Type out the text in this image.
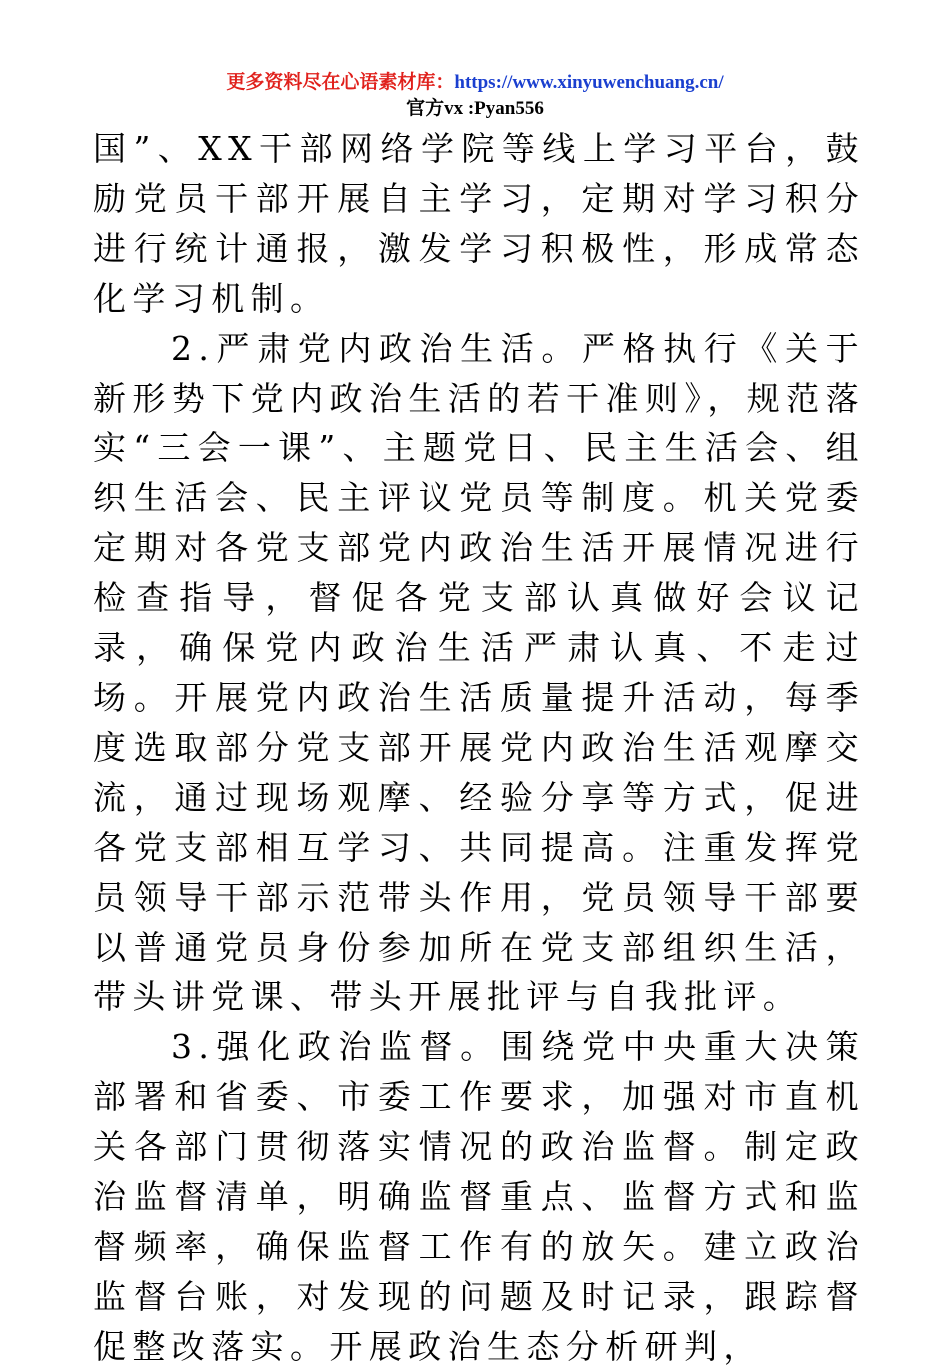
更多资料尽在心语素材库：https://www.xinyuwenchuang.cn/
官方vx :Pyan556

国”、XX干部网络学院等线上学习平台，鼓励党员干部开展自主学习，定期对学习积分进行统计通报，激发学习积极性，形成常态化学习机制。

2.严肃党内政治生活。严格执行《关于新形势下党内政治生活的若干准则》，规范落实“三会一课”、主题党日、民主生活会、组织生活会、民主评议党员等制度。机关党委定期对各党支部党内政治生活开展情况进行检查指导，督促各党支部认真做好会议记录，确保党内政治生活严肃认真、不走过场。开展党内政治生活质量提升活动，每季度选取部分党支部开展党内政治生活观摩交流，通过现场观摩、经验分享等方式，促进各党支部相互学习、共同提高。注重发挥党员领导干部示范带头作用，党员领导干部要以普通党员身份参加所在党支部组织生活，带头讲党课、带头开展批评与自我批评。

3.强化政治监督。围绕党中央重大决策部署和省委、市委工作要求，加强对市直机关各部门贯彻落实情况的政治监督。制定政治监督清单，明确监督重点、监督方式和监督频率，确保监督工作有的放矢。建立政治监督台账，对发现的问题及时记录，跟踪督促整改落实。开展政治生态分析研判，
